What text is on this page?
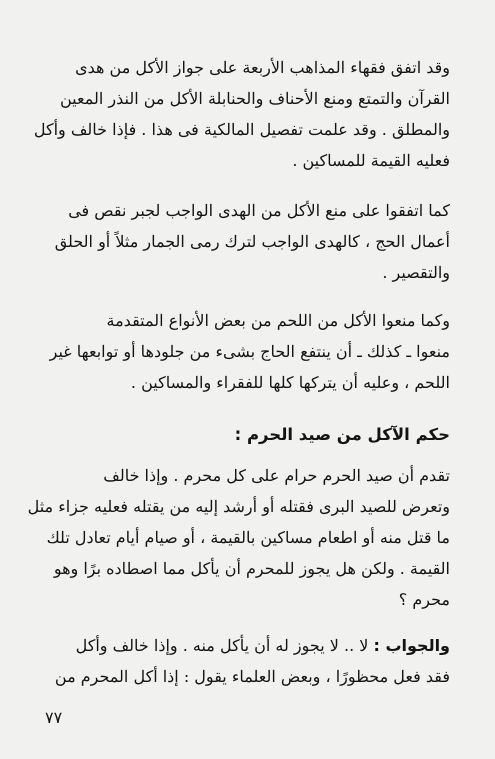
وقد اتفق فقهاء المذاهب الأربعة على جواز الأكل من هدى
القرآن والتمتع ومنع الأحناف والحنابلة الأكل من النذر المعين
والمطلق . وقد علمت تفصيل المالكية فى هذا . فإذا خالف وأكل
فعليه القيمة للمساكين .
كما اتفقوا على منع الأكل من الهدى الواجب لجبر نقص فى
أعمال الحج ، كالهدى الواجب لترك رمى الجمار مثلاً أو الحلق
والتقصير .
وكما منعوا الأكل من اللحم من بعض الأنواع المتقدمة
منعوا ـ كذلك ـ أن ينتفع الحاج بشىء من جلودها أو توابعها غير
اللحم ، وعليه أن يتركها كلها للفقراء والمساكين .
حكم الآكل من صيد الحرم :
تقدم أن صيد الحرم حرام على كل محرم . وإذا خالف
وتعرض للصيد البرى فقتله أو أرشد إليه من يقتله فعليه جزاء مثل
ما قتل منه أو اطعام مساكين بالقيمة ، أو صيام أيام تعادل تلك
القيمة . ولكن هل يجوز للمحرم أن يأكل مما اصطاده برًا وهو
محرم ؟
والجواب : لا .. لا يجوز له أن يأكل منه . وإذا خالف وأكل
فقد فعل محظورًا ، وبعض العلماء يقول : إذا أكل المحرم من
٧٧
